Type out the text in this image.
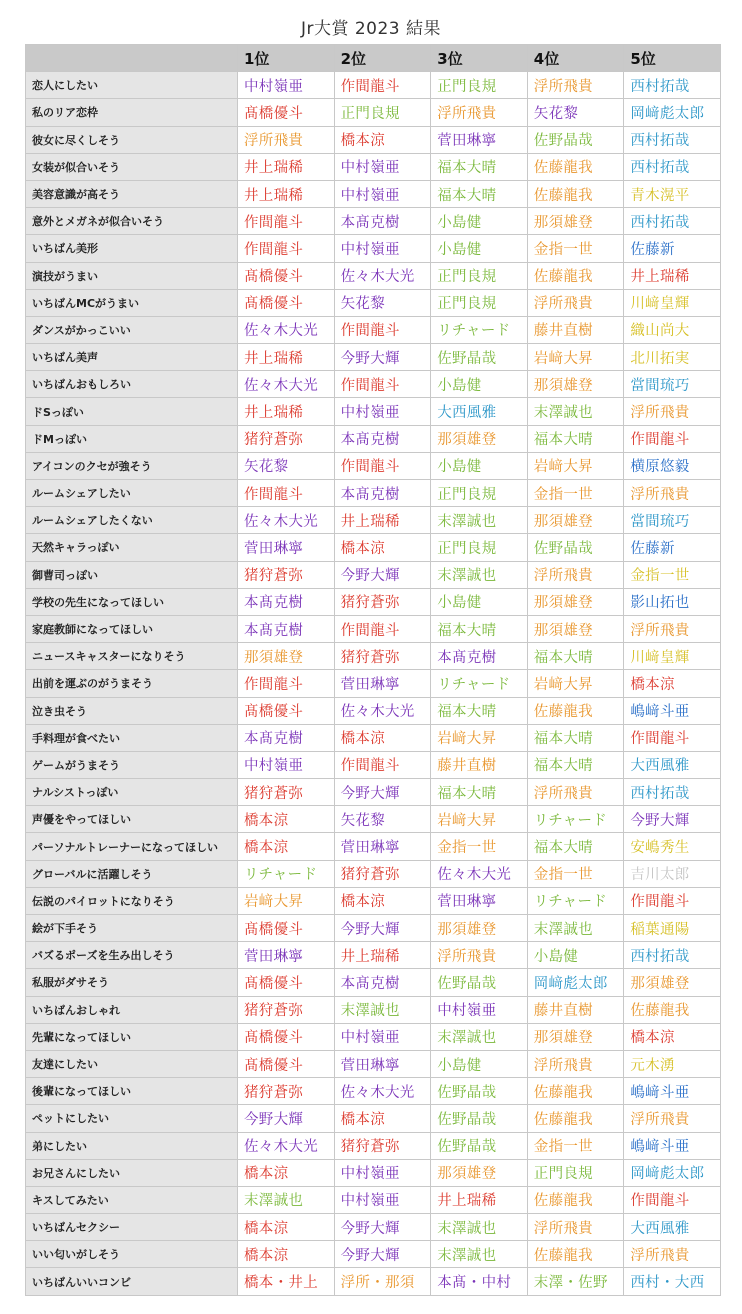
Jr大賞 2023 結果
	1位	2位	3位	4位	5位
恋人にしたい	中村嶺亜	作間龍斗	正門良規	浮所飛貴	西村拓哉
私のリア恋枠	髙橋優斗	正門良規	浮所飛貴	矢花黎	岡﨑彪太郎
彼女に尽くしそう	浮所飛貴	橋本涼	菅田琳寧	佐野晶哉	西村拓哉
女装が似合いそう	井上瑞稀	中村嶺亜	福本大晴	佐藤龍我	西村拓哉
美容意識が高そう	井上瑞稀	中村嶺亜	福本大晴	佐藤龍我	青木滉平
意外とメガネが似合いそう	作間龍斗	本髙克樹	小島健	那須雄登	西村拓哉
いちばん美形	作間龍斗	中村嶺亜	小島健	金指一世	佐藤新
演技がうまい	髙橋優斗	佐々木大光	正門良規	佐藤龍我	井上瑞稀
いちばんMCがうまい	髙橋優斗	矢花黎	正門良規	浮所飛貴	川﨑皇輝
ダンスがかっこいい	佐々木大光	作間龍斗	リチャード	藤井直樹	織山尚大
いちばん美声	井上瑞稀	今野大輝	佐野晶哉	岩﨑大昇	北川拓実
いちばんおもしろい	佐々木大光	作間龍斗	小島健	那須雄登	當間琉巧
ドSっぽい	井上瑞稀	中村嶺亜	大西風雅	末澤誠也	浮所飛貴
ドMっぽい	猪狩蒼弥	本髙克樹	那須雄登	福本大晴	作間龍斗
アイコンのクセが強そう	矢花黎	作間龍斗	小島健	岩﨑大昇	横原悠毅
ルームシェアしたい	作間龍斗	本髙克樹	正門良規	金指一世	浮所飛貴
ルームシェアしたくない	佐々木大光	井上瑞稀	末澤誠也	那須雄登	當間琉巧
天然キャラっぽい	菅田琳寧	橋本涼	正門良規	佐野晶哉	佐藤新
御曹司っぽい	猪狩蒼弥	今野大輝	末澤誠也	浮所飛貴	金指一世
学校の先生になってほしい	本髙克樹	猪狩蒼弥	小島健	那須雄登	影山拓也
家庭教師になってほしい	本髙克樹	作間龍斗	福本大晴	那須雄登	浮所飛貴
ニュースキャスターになりそう	那須雄登	猪狩蒼弥	本髙克樹	福本大晴	川﨑皇輝
出前を運ぶのがうまそう	作間龍斗	菅田琳寧	リチャード	岩﨑大昇	橋本涼
泣き虫そう	髙橋優斗	佐々木大光	福本大晴	佐藤龍我	嶋﨑斗亜
手料理が食べたい	本髙克樹	橋本涼	岩﨑大昇	福本大晴	作間龍斗
ゲームがうまそう	中村嶺亜	作間龍斗	藤井直樹	福本大晴	大西風雅
ナルシストっぽい	猪狩蒼弥	今野大輝	福本大晴	浮所飛貴	西村拓哉
声優をやってほしい	橋本涼	矢花黎	岩﨑大昇	リチャード	今野大輝
パーソナルトレーナーになってほしい	橋本涼	菅田琳寧	金指一世	福本大晴	安嶋秀生
グローバルに活躍しそう	リチャード	猪狩蒼弥	佐々木大光	金指一世	吉川太郎
伝説のパイロットになりそう	岩﨑大昇	橋本涼	菅田琳寧	リチャード	作間龍斗
絵が下手そう	髙橋優斗	今野大輝	那須雄登	末澤誠也	稲葉通陽
バズるポーズを生み出しそう	菅田琳寧	井上瑞稀	浮所飛貴	小島健	西村拓哉
私服がダサそう	髙橋優斗	本髙克樹	佐野晶哉	岡﨑彪太郎	那須雄登
いちばんおしゃれ	猪狩蒼弥	末澤誠也	中村嶺亜	藤井直樹	佐藤龍我
先輩になってほしい	髙橋優斗	中村嶺亜	末澤誠也	那須雄登	橋本涼
友達にしたい	髙橋優斗	菅田琳寧	小島健	浮所飛貴	元木湧
後輩になってほしい	猪狩蒼弥	佐々木大光	佐野晶哉	佐藤龍我	嶋﨑斗亜
ペットにしたい	今野大輝	橋本涼	佐野晶哉	佐藤龍我	浮所飛貴
弟にしたい	佐々木大光	猪狩蒼弥	佐野晶哉	金指一世	嶋﨑斗亜
お兄さんにしたい	橋本涼	中村嶺亜	那須雄登	正門良規	岡﨑彪太郎
キスしてみたい	末澤誠也	中村嶺亜	井上瑞稀	佐藤龍我	作間龍斗
いちばんセクシー	橋本涼	今野大輝	末澤誠也	浮所飛貴	大西風雅
いい匂いがしそう	橋本涼	今野大輝	末澤誠也	佐藤龍我	浮所飛貴
いちばんいいコンビ	橋本・井上	浮所・那須	本髙・中村	末澤・佐野	西村・大西
